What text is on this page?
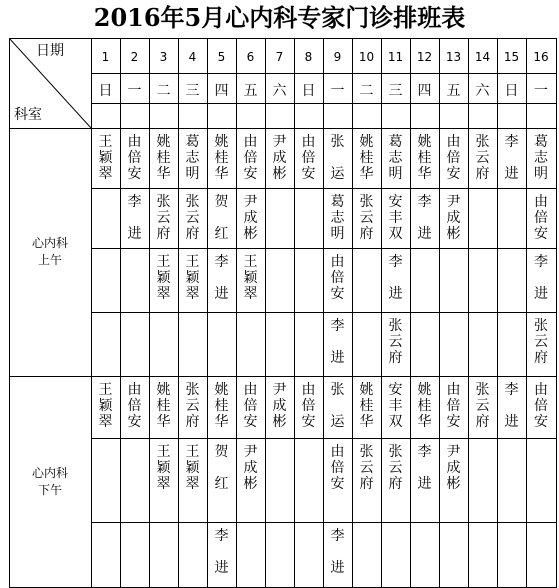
2016年5月心内科专家门诊排班表
日期
科室
1
日
2
一
3
二
4
三
5
四
6
五
7
六
8
日
9
一
10
二
11
三
12
四
13
五
14
六
15
日
16
一
心内科
上午
心内科
下午
王
颖
翠
由
倍
安
姚
桂
华
葛
志
明
姚
桂
华
由
倍
安
尹
成
彬
由
倍
安
张
运
姚
桂
华
葛
志
明
姚
桂
华
由
倍
安
张
云
府
李
进
葛
志
明
李
进
张
云
府
张
云
府
贺
红
尹
成
彬
葛
志
明
张
云
府
安
丰
双
李
进
尹
成
彬
由
倍
安
王
颖
翠
王
颖
翠
李
进
王
颖
翠
由
倍
安
李
进
李
进
李
进
张
云
府
张
云
府
王
颖
翠
由
倍
安
姚
桂
华
张
云
府
姚
桂
华
由
倍
安
尹
成
彬
由
倍
安
张
运
姚
桂
华
安
丰
双
姚
桂
华
由
倍
安
张
云
府
李
进
由
倍
安
王
颖
翠
王
颖
翠
贺
红
尹
成
彬
由
倍
安
张
云
府
张
云
府
李
进
尹
成
彬
李
进
李
进
